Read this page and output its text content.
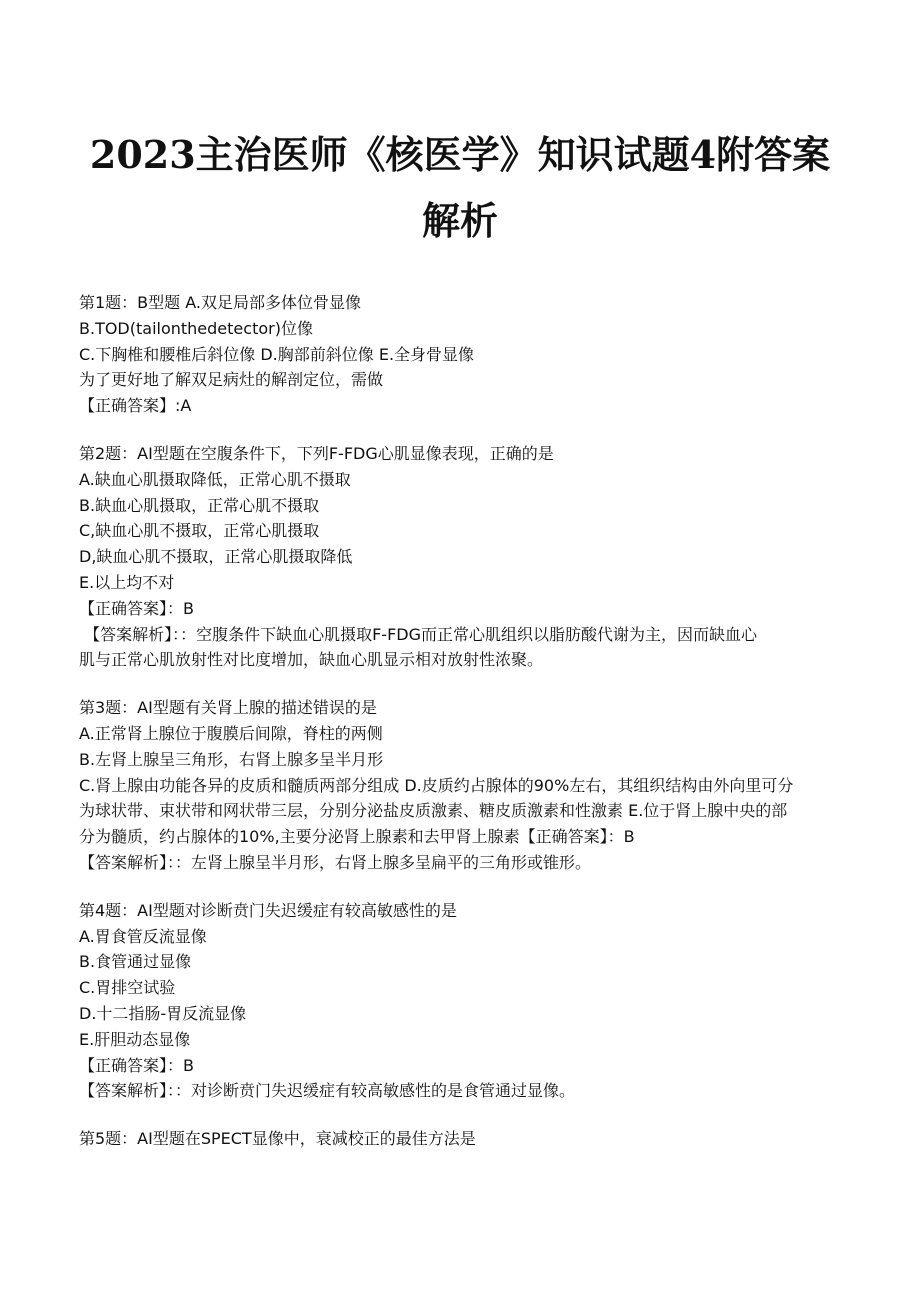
2023主治医师《核医学》知识试题4附答案
解析

第1题：B型题 A.双足局部多体位骨显像

B.TOD(tailonthedetector)位像

C.下胸椎和腰椎后斜位像 D.胸部前斜位像 E.全身骨显像

为了更好地了解双足病灶的解剖定位，需做

【正确答案】:A

第2题：AI型题在空腹条件下，下列F-FDG心肌显像表现，正确的是

A.缺血心肌摄取降低，正常心肌不摄取

B.缺血心肌摄取，正常心肌不摄取

C,缺血心肌不摄取，正常心肌摄取

D,缺血心肌不摄取，正常心肌摄取降低

E.以上均不对

【正确答案】：B

【答案解析】：：空腹条件下缺血心肌摄取F-FDG而正常心肌组织以脂肪酸代谢为主，因而缺血心

肌与正常心肌放射性对比度增加，缺血心肌显示相对放射性浓聚。

第3题：AI型题有关肾上腺的描述错误的是

A.正常肾上腺位于腹膜后间隙，脊柱的两侧

B.左肾上腺呈三角形，右肾上腺多呈半月形

C.肾上腺由功能各异的皮质和髓质两部分组成 D.皮质约占腺体的90%左右，其组织结构由外向里可分

为球状带、束状带和网状带三层，分别分泌盐皮质激素、糖皮质激素和性激素 E.位于肾上腺中央的部

分为髓质，约占腺体的10%,主要分泌肾上腺素和去甲肾上腺素【正确答案】：B

【答案解析】：：左肾上腺呈半月形，右肾上腺多呈扁平的三角形或锥形。

第4题：AI型题对诊断贲门失迟缓症有较高敏感性的是

A.胃食管反流显像

B.食管通过显像

C.胃排空试验

D.十二指肠-胃反流显像

E.肝胆动态显像

【正确答案】：B

【答案解析】：：对诊断贲门失迟缓症有较高敏感性的是食管通过显像。

第5题：AI型题在SPECT显像中，衰减校正的最佳方法是
